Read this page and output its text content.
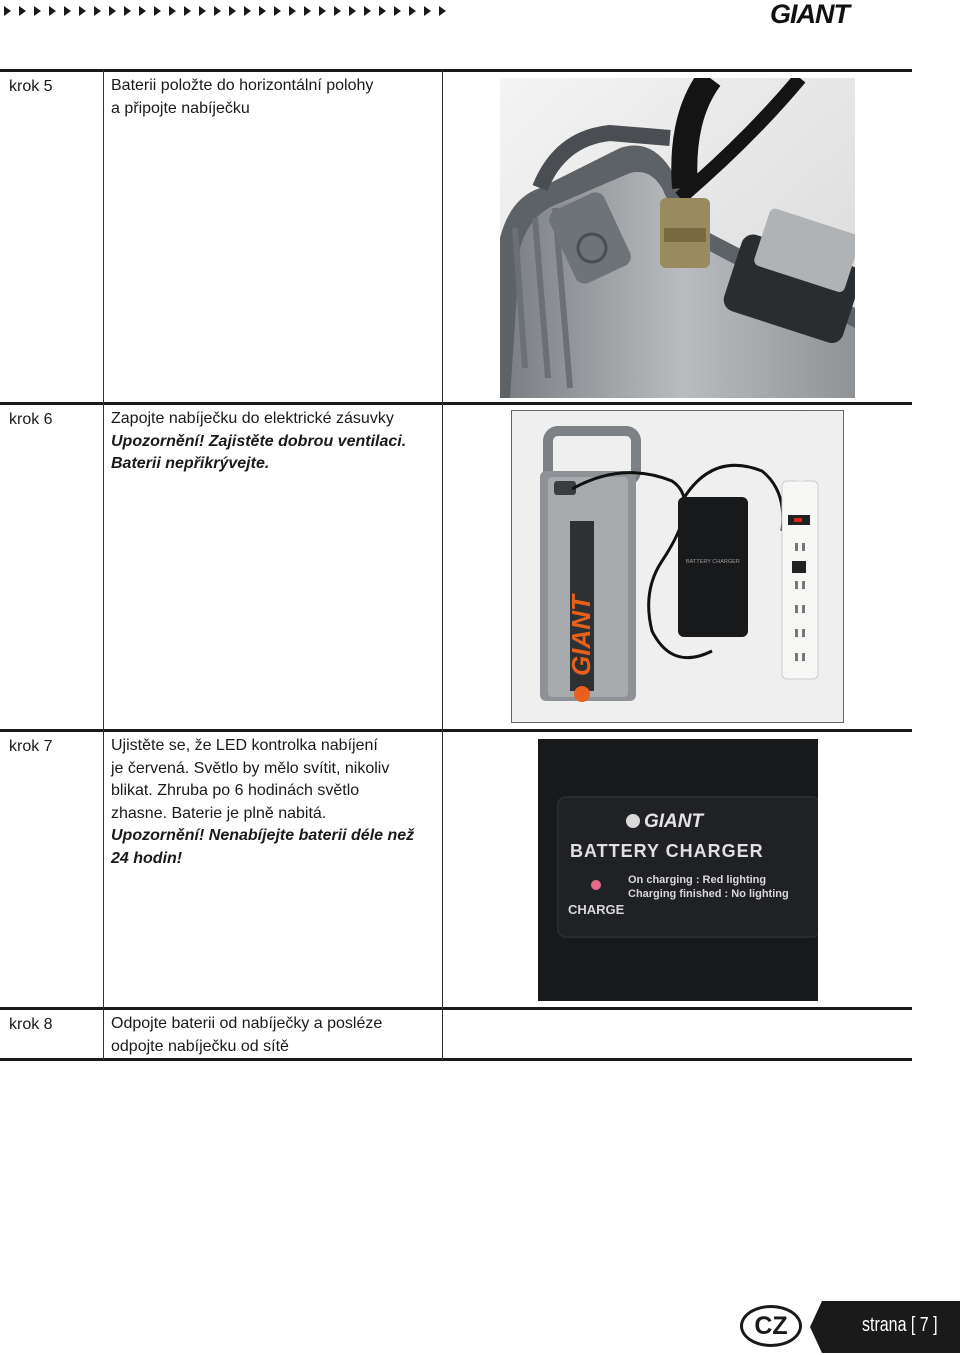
GIANT
krok 5	Baterii položte do horizontální polohy
a připojte nabíječku
krok 6	Zapojte nabíječku do elektrické zásuvky
Upozornění! Zajistěte dobrou ventilaci.
Baterii nepřikrývejte.
krok 7	Ujistěte se, že LED kontrolka nabíjení
je červená. Světlo by mělo svítit, nikoliv
blikat. Zhruba po 6 hodinách světlo
zhasne. Baterie je plně nabitá.
Upozornění! Nenabíjejte baterii déle než
24 hodin!
krok 8	Odpojte baterii od nabíječky a posléze
odpojte nabíječku od sítě
GIANT
BATTERY CHARGER
GIANT
BATTERY CHARGER
On charging : Red lighting
Charging finished : No lighting
CHARGE
CZ	strana [ 7 ]
